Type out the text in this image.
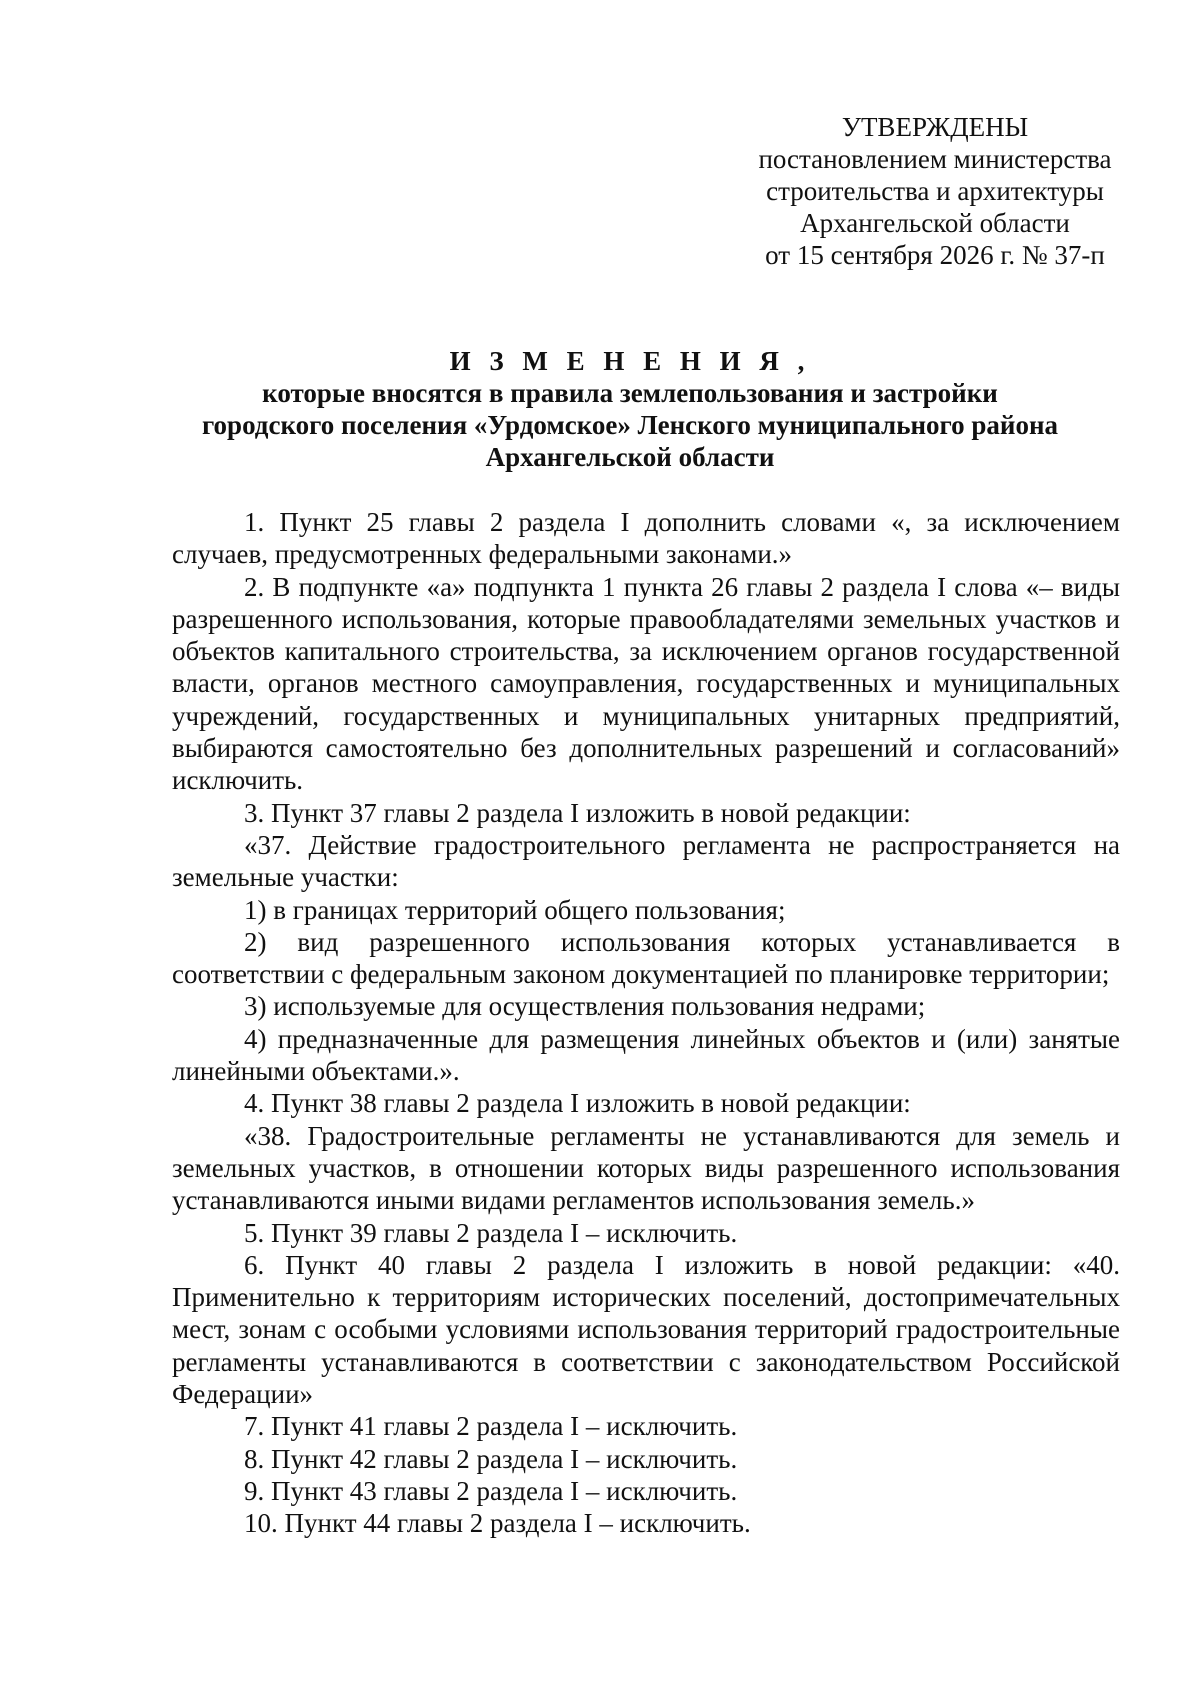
УТВЕРЖДЕНЫ
постановлением министерства
строительства и архитектуры
Архангельской области
от 15 сентября 2026 г. № 37-п
И З М Е Н Е Н И Я ,
которые вносятся в правила землепользования и застройки
городского поселения «Урдомское» Ленского муниципального района
Архангельской области

1. Пункт 25 главы 2 раздела I дополнить словами «, за исключением случаев, предусмотренных федеральными законами.»

2. В подпункте «а» подпункта 1 пункта 26 главы 2 раздела I слова «– виды разрешенного использования, которые правообладателями земельных участков и объектов капитального строительства, за исключением органов государственной власти, органов местного самоуправления, государственных и муниципальных учреждений, государственных и муниципальных унитарных предприятий, выбираются самостоятельно без дополнительных разрешений и согласований» исключить.

3. Пункт 37 главы 2 раздела I изложить в новой редакции:

«37. Действие градостроительного регламента не распространяется на земельные участки:

1) в границах территорий общего пользования;

2) вид разрешенного использования которых устанавливается в соответствии с федеральным законом документацией по планировке территории;

3) используемые для осуществления пользования недрами;

4) предназначенные для размещения линейных объектов и (или) занятые линейными объектами.».

4. Пункт 38 главы 2 раздела I изложить в новой редакции:

«38. Градостроительные регламенты не устанавливаются для земель и земельных участков, в отношении которых виды разрешенного использования устанавливаются иными видами регламентов использования земель.»

5. Пункт 39 главы 2 раздела I – исключить.

6. Пункт 40 главы 2 раздела I изложить в новой редакции: «40. Применительно к территориям исторических поселений, достопримечательных мест, зонам с особыми условиями использования территорий градостроительные регламенты устанавливаются в соответствии с законодательством Российской Федерации»

7. Пункт 41 главы 2 раздела I – исключить.

8. Пункт 42 главы 2 раздела I – исключить.

9. Пункт 43 главы 2 раздела I – исключить.

10. Пункт 44 главы 2 раздела I – исключить.
